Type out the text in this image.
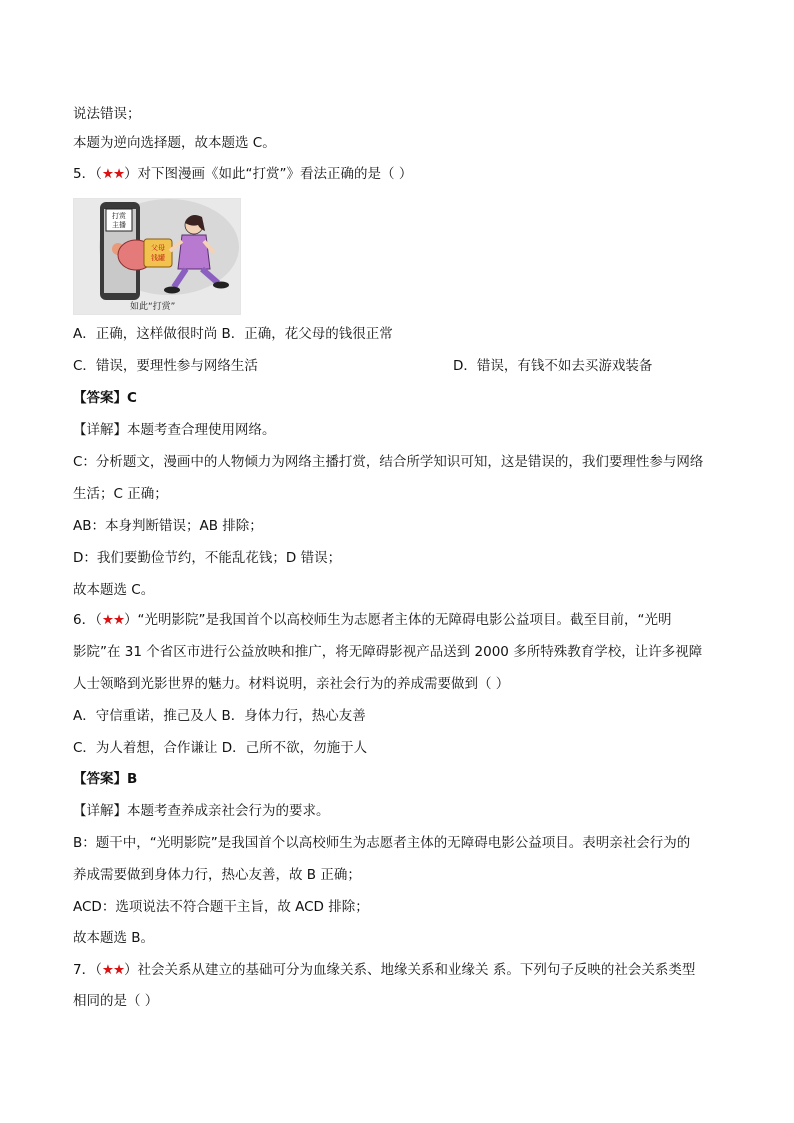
说法错误；
本题为逆向选择题，故本题选 C。
5．（★★）对下图漫画《如此“打赏”》看法正确的是（ ）
打赏
主播
父母
钱罐
如此“打赏”
A．正确，这样做很时尚 B．正确，花父母的钱很正常
C．错误，要理性参与网络生活	D．错误，有钱不如去买游戏装备
【答案】C
【详解】本题考查合理使用网络。
C：分析题文，漫画中的人物倾力为网络主播打赏，结合所学知识可知，这是错误的，我们要理性参与网络
生活；C 正确；
AB：本身判断错误；AB 排除；
D：我们要勤俭节约，不能乱花钱；D 错误；
故本题选 C。
6．（★★）“光明影院”是我国首个以高校师生为志愿者主体的无障碍电影公益项目。截至目前，“光明
影院”在 31 个省区市进行公益放映和推广，将无障碍影视产品送到 2000 多所特殊教育学校，让许多视障
人士领略到光影世界的魅力。材料说明，亲社会行为的养成需要做到（ ）
A．守信重诺，推己及人 B．身体力行，热心友善
C．为人着想，合作谦让 D．己所不欲，勿施于人
【答案】B
【详解】本题考查养成亲社会行为的要求。
B：题干中，“光明影院”是我国首个以高校师生为志愿者主体的无障碍电影公益项目。表明亲社会行为的
养成需要做到身体力行，热心友善，故 B 正确；
ACD：选项说法不符合题干主旨，故 ACD 排除；
故本题选 B。
7．（★★）社会关系从建立的基础可分为血缘关系、地缘关系和业缘关 系。下列句子反映的社会关系类型
相同的是（ ）
